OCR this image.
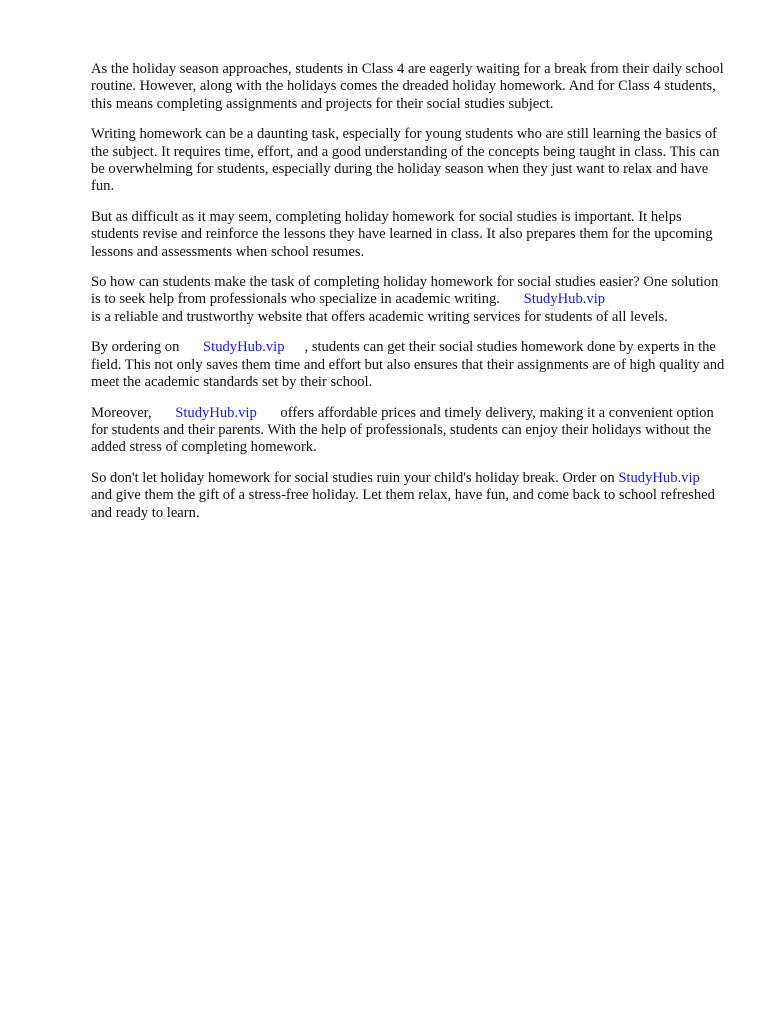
As the holiday season approaches, students in Class 4 are eagerly waiting for a break from their daily school routine. However, along with the holidays comes the dreaded holiday homework. And for Class 4 students, this means completing assignments and projects for their social studies subject.

Writing homework can be a daunting task, especially for young students who are still learning the basics of the subject. It requires time, effort, and a good understanding of the concepts being taught in class. This can be overwhelming for students, especially during the holiday season when they just want to relax and have fun.

But as difficult as it may seem, completing holiday homework for social studies is important. It helps students revise and reinforce the lessons they have learned in class. It also prepares them for the upcoming lessons and assessments when school resumes.

So how can students make the task of completing holiday homework for social studies easier? One solution is to seek help from professionals who specialize in academic writing. StudyHub.vip
is a reliable and trustworthy website that offers academic writing services for students of all levels.

By ordering on StudyHub.vip , students can get their social studies homework done by experts in the field. This not only saves them time and effort but also ensures that their assignments are of high quality and meet the academic standards set by their school.

Moreover, StudyHub.vip offers affordable prices and timely delivery, making it a convenient option for students and their parents. With the help of professionals, students can enjoy their holidays without the added stress of completing homework.

So don't let holiday homework for social studies ruin your child's holiday break. Order on StudyHub.vip and give them the gift of a stress-free holiday. Let them relax, have fun, and come back to school refreshed and ready to learn.
